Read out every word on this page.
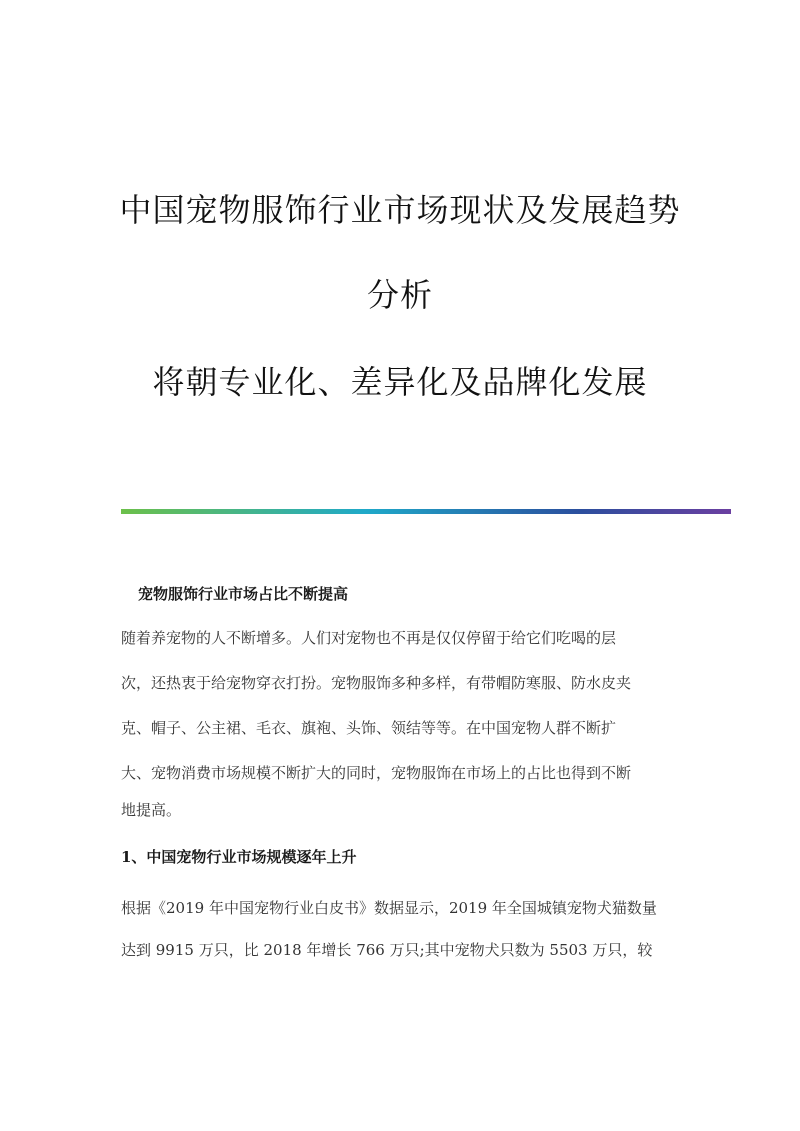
中国宠物服饰行业市场现状及发展趋势
分析
将朝专业化、差异化及品牌化发展
宠物服饰行业市场占比不断提高
随着养宠物的人不断增多。人们对宠物也不再是仅仅停留于给它们吃喝的层
次，还热衷于给宠物穿衣打扮。宠物服饰多种多样，有带帽防寒服、防水皮夹
克、帽子、公主裙、毛衣、旗袍、头饰、领结等等。在中国宠物人群不断扩
大、宠物消费市场规模不断扩大的同时，宠物服饰在市场上的占比也得到不断
地提高。
1、中国宠物行业市场规模逐年上升
根据《2019 年中国宠物行业白皮书》数据显示，2019 年全国城镇宠物犬猫数量
达到 9915 万只，比 2018 年增长 766 万只;其中宠物犬只数为 5503 万只，较
